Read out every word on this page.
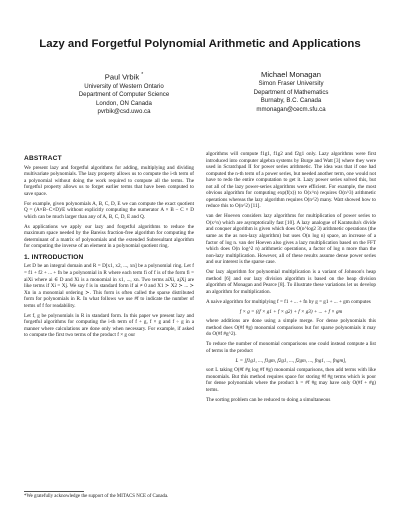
Lazy and Forgetful Polynomial Arithmetic and Applications
Paul Vrbik *
University of Western Ontario
Department of Computer Science
London, ON Canada
pvrbik@csd.uwo.ca
Michael Monagan
Simon Fraser University
Department of Mathematics
Burnaby, B.C. Canada
mmonagan@cecm.sfu.ca
ABSTRACT

We present lazy and forgetful algorithms for adding, multiplying and dividing multivariate polynomials. The lazy property allows us to compute the i-th term of a polynomial without doing the work required to compute all the terms. The forgetful property allows us to forget earlier terms that have been computed to save space.

For example, given polynomials A, B, C, D, E we can compute the exact quotient Q = (A×B−C×D)/E without explicitly computing the numerator A × B − C × D which can be much larger than any of A, B, C, D, E and Q.

As applications we apply our lazy and forgetful algorithms to reduce the maximum space needed by the Bareiss fraction-free algorithm for computing the determinant of a matrix of polynomials and the extended Subresultant algorithm for computing the inverse of an element in a polynomial quotient ring.

1. INTRODUCTION

Let D be an integral domain and R = D[x1, x2, ..., xn] be a polynomial ring. Let f = f1 + f2 + ... + fn be a polynomial in R where each term fi of f is of the form fi = aiXi where ai ∈ D and Xi is a monomial in x1, ..., xn. Two terms aiXi, ajXj are like terms if Xi = Xj. We say f is in standard form if ai ≠ 0 and X1 ≻ X2 ≻ ... ≻ Xn in a monomial ordering ≻. This form is often called the sparse distributed form for polynomials in R. In what follows we use #f to indicate the number of terms of f for readability.

Let f, g be polynomials in R in standard form. In this paper we present lazy and forgetful algorithms for computing the i-th term of f + g, f × g and f ÷ g in a manner where calculations are done only when necessary. For example, if asked to compute the first two terms of the product f × g our

*We gratefully acknowledge the support of the MITACS NCE of Canada.

algorithms will compute f1g1, f1g2 and f2g1 only. Lazy algorithms were first introduced into computer algebra systems by Burge and Watt [3] where they were used in Scratchpad II for power series arithmetic. The idea was that if one had computed the n-th term of a power series, but needed another term, one would not have to redo the entire computation to get it. Lazy power series solved this, but not all of the lazy power-series algorithms were efficient. For example, the most obvious algorithm for computing exp(f(x)) to O(x^n) requires O(n^3) arithmetic operations whereas the lazy algorithm requires O(n^2) many. Watt showed how to reduce this to O(n^2) [11].

van der Hoeven considers lazy algorithms for multiplication of power series to O(x^n) which are asymptotically fast [10]. A lazy analogue of Karatsuba's divide and conquer algorithm is given which does O(n^log2 3) arithmetic operations (the same as the as non-lazy algorithm) but uses O(n log n) space, an increase of a factor of log n. van der Hoeven also gives a lazy multiplication based on the FFT which does O(n log^2 n) arithmetic operations, a factor of log n more than the non-lazy multiplication. However, all of these results assume dense power series and our interest is the sparse case.

Our lazy algorithm for polynomial multiplication is a variant of Johnson's heap method [6] and our lazy division algorithm is based on the heap division algorithm of Monagan and Pearce [8]. To illustrate these variations let us develop an algorithm for multiplication.

A naive algorithm for multiplying f = f1 + ... + fn by g = g1 + ... + gm computes

f × g = ((f × g1 + f × g2) + f × g3) + ... + f × gm

where additions are done using a simple merge. For dense polynomials this method does O(#f #g) monomial comparisons but for sparse polynomials it may do O(#f #g^2).

To reduce the number of monomial comparisons one could instead compute a list of terms in the product

L = [f1g1, ..., f1gm, f2g1, ..., f2gm, ..., fng1, ..., fngm],

sort L taking O(#f #g log #f #g) monomial comparisons, then add terms with like monomials. But this method requires space for storing #f #g terms which is poor for dense polynomials where the product h = #f #g may have only O(#f + #g) terms.

The sorting problem can be reduced to doing a simultaneous
